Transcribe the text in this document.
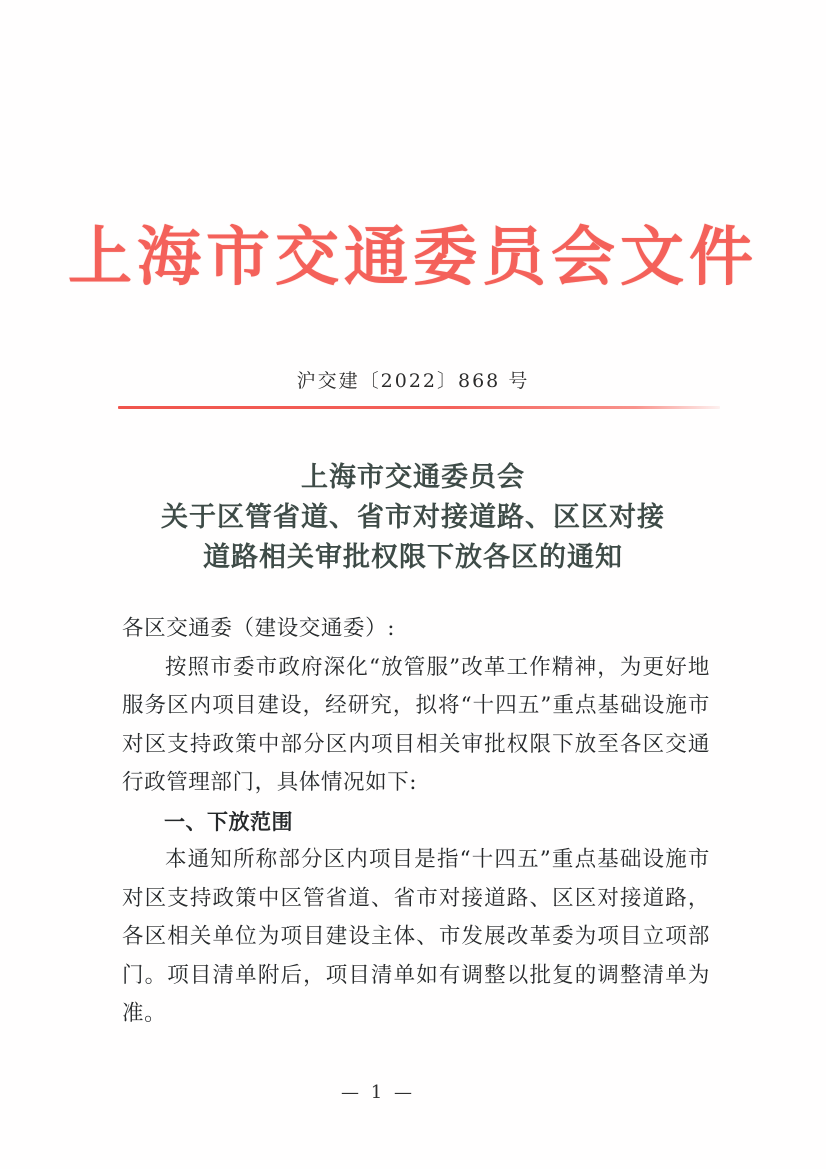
上海市交通委员会文件
沪交建〔2022〕868 号
上海市交通委员会
关于区管省道、省市对接道路、区区对接
道路相关审批权限下放各区的通知

各区交通委（建设交通委）:

按照市委市政府深化“放管服”改革工作精神，为更好地服务区内项目建设，经研究，拟将“十四五”重点基础设施市对区支持政策中部分区内项目相关审批权限下放至各区交通行政管理部门，具体情况如下:

一、下放范围

本通知所称部分区内项目是指“十四五”重点基础设施市对区支持政策中区管省道、省市对接道路、区区对接道路，各区相关单位为项目建设主体、市发展改革委为项目立项部门。项目清单附后，项目清单如有调整以批复的调整清单为准。

— 1 —
